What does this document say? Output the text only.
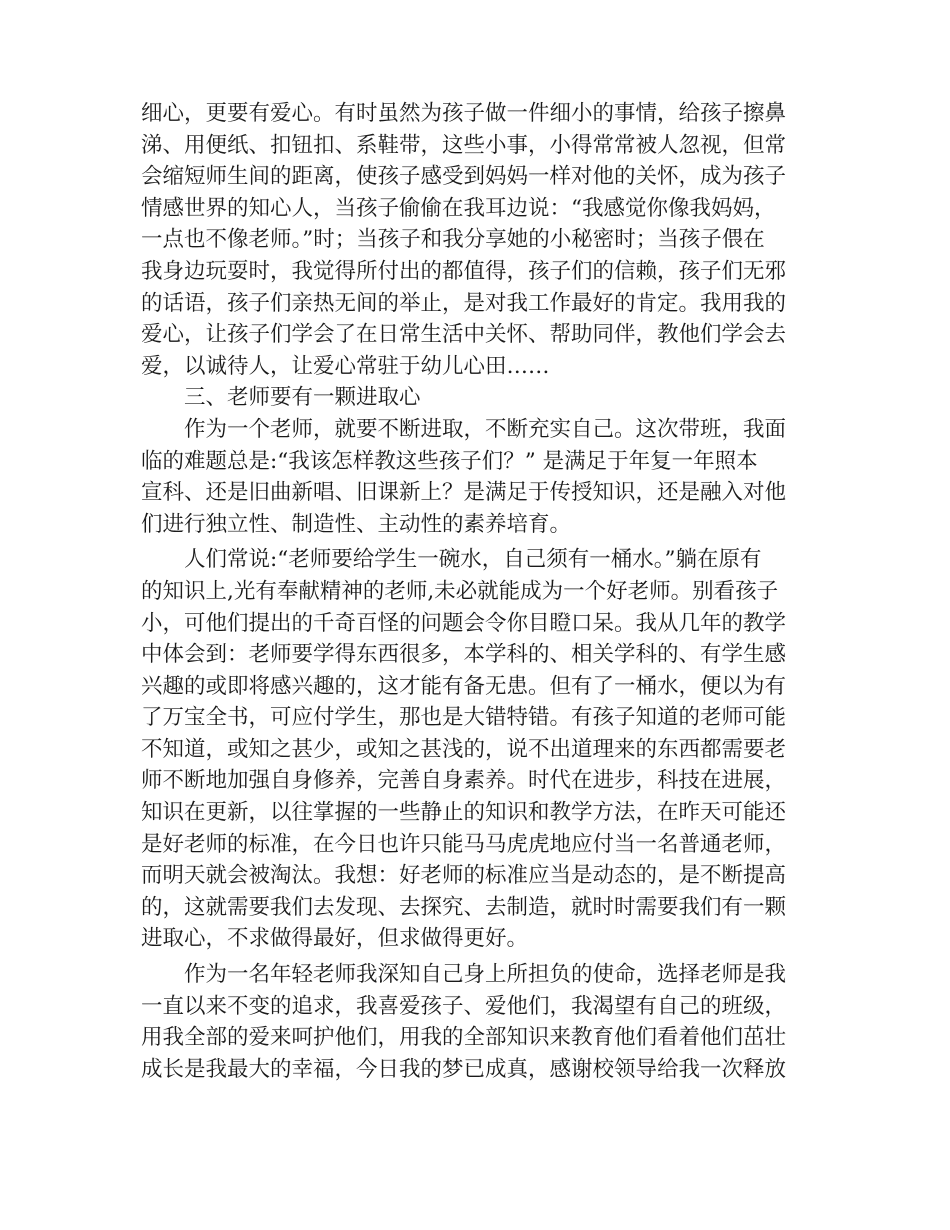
细心，更要有爱心。有时虽然为孩子做一件细小的事情，给孩子擦鼻
涕、用便纸、扣钮扣、系鞋带，这些小事，小得常常被人忽视，但常
会缩短师生间的距离，使孩子感受到妈妈一样对他的关怀，成为孩子
情感世界的知心人，当孩子偷偷在我耳边说：“我感觉你像我妈妈，
一点也不像老师。”时；当孩子和我分享她的小秘密时；当孩子偎在
我身边玩耍时，我觉得所付出的都值得，孩子们的信赖，孩子们无邪
的话语，孩子们亲热无间的举止，是对我工作最好的肯定。我用我的
爱心，让孩子们学会了在日常生活中关怀、帮助同伴，教他们学会去
爱，以诚待人，让爱心常驻于幼儿心田……
三、老师要有一颗进取心
作为一个老师，就要不断进取，不断充实自己。这次带班，我面
临的难题总是:“我该怎样教这些孩子们？” 是满足于年复一年照本
宣科、还是旧曲新唱、旧课新上？是满足于传授知识，还是融入对他
们进行独立性、制造性、主动性的素养培育。
人们常说:“老师要给学生一碗水，自己须有一桶水。”躺在原有
的知识上,光有奉献精神的老师,未必就能成为一个好老师。别看孩子
小，可他们提出的千奇百怪的问题会令你目瞪口呆。我从几年的教学
中体会到：老师要学得东西很多，本学科的、相关学科的、有学生感
兴趣的或即将感兴趣的，这才能有备无患。但有了一桶水，便以为有
了万宝全书，可应付学生，那也是大错特错。有孩子知道的老师可能
不知道，或知之甚少，或知之甚浅的，说不出道理来的东西都需要老
师不断地加强自身修养，完善自身素养。时代在进步，科技在进展，
知识在更新，以往掌握的一些静止的知识和教学方法，在昨天可能还
是好老师的标准，在今日也许只能马马虎虎地应付当一名普通老师，
而明天就会被淘汰。我想：好老师的标准应当是动态的，是不断提高
的，这就需要我们去发现、去探究、去制造，就时时需要我们有一颗
进取心，不求做得最好，但求做得更好。
作为一名年轻老师我深知自己身上所担负的使命，选择老师是我
一直以来不变的追求，我喜爱孩子、爱他们，我渴望有自己的班级，
用我全部的爱来呵护他们，用我的全部知识来教育他们看着他们茁壮
成长是我最大的幸福，今日我的梦已成真，感谢校领导给我一次释放
